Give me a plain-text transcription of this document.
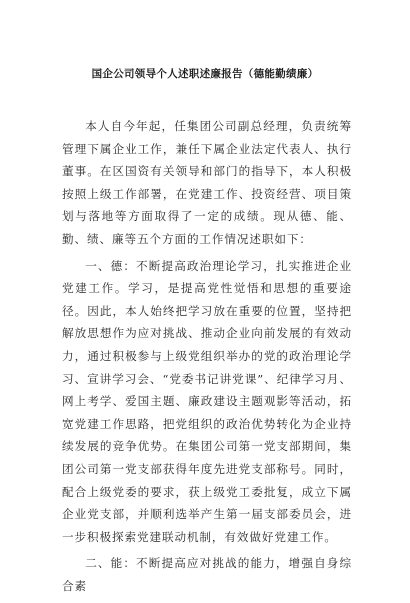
国企公司领导个人述职述廉报告（德能勤绩廉）

本人自今年起，任集团公司副总经理，负责统筹管理下属企业工作，兼任下属企业法定代表人、执行董事。在区国资有关领导和部门的指导下，本人积极按照上级工作部署，在党建工作、投资经营、项目策划与落地等方面取得了一定的成绩。现从德、能、勤、绩、廉等五个方面的工作情况述职如下：

一、德：不断提高政治理论学习，扎实推进企业党建工作。学习，是提高党性觉悟和思想的重要途径。因此，本人始终把学习放在重要的位置，坚持把解放思想作为应对挑战、推动企业向前发展的有效动力，通过积极参与上级党组织举办的党的政治理论学习、宣讲学习会、“党委书记讲党课”、纪律学习月、网上考学、爱国主题、廉政建设主题观影等活动，拓宽党建工作思路，把党组织的政治优势转化为企业持续发展的竞争优势。在集团公司第一党支部期间，集团公司第一党支部获得年度先进党支部称号。同时，配合上级党委的要求，获上级党工委批复，成立下属企业党支部，并顺利选举产生第一届支部委员会，进一步积极探索党建联动机制，有效做好党建工作。

二、能：不断提高应对挑战的能力，增强自身综合素
